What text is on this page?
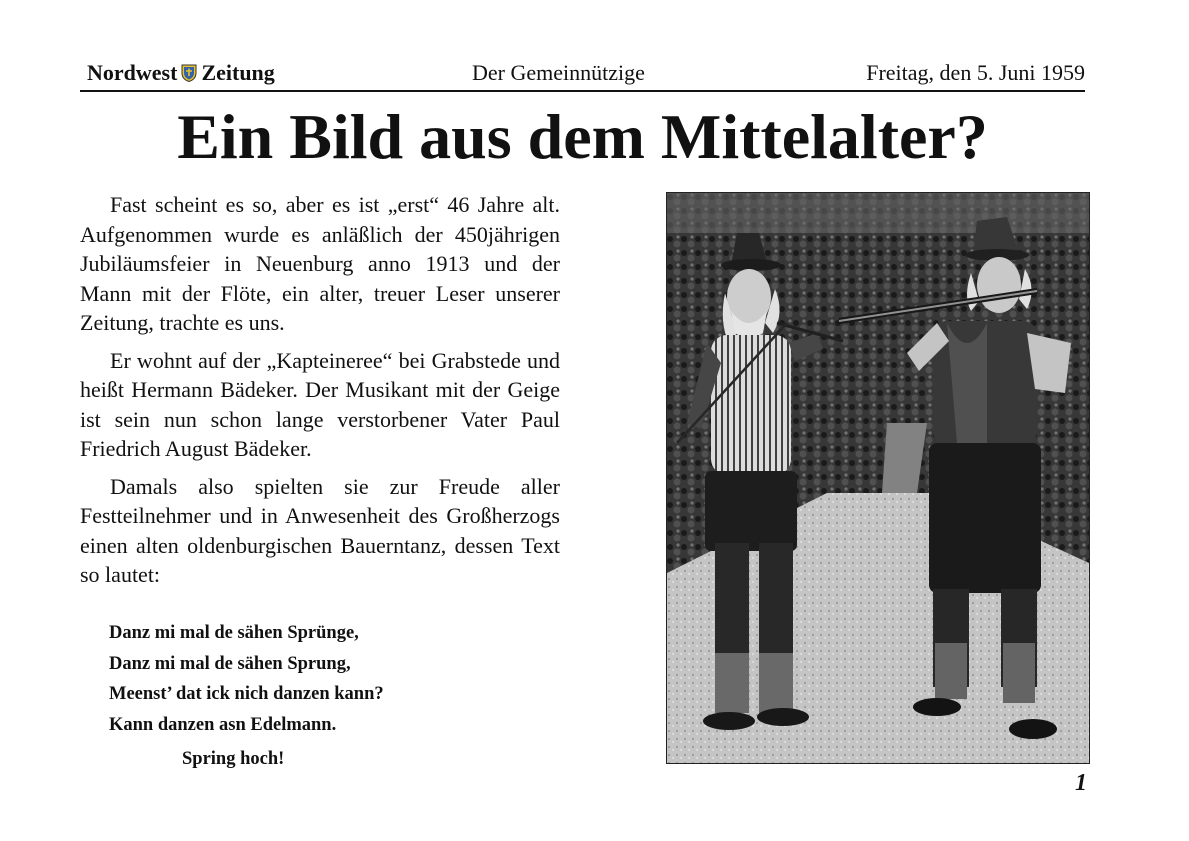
Nordwest Zeitung	Der Gemeinnützige	Freitag, den 5. Juni 1959
Ein Bild aus dem Mittelalter?

Fast scheint es so, aber es ist „erst“ 46 Jahre alt. Aufgenommen wurde es anläßlich der 450jährigen Jubiläumsfeier in Neuenburg anno 1913 und der Mann mit der Flöte, ein alter, treuer Leser unserer Zeitung, trachte es uns.

Er wohnt auf der „Kapteineree“ bei Grabstede und heißt Hermann Bädeker. Der Musikant mit der Geige ist sein nun schon lange verstorbener Vater Paul Friedrich August Bädeker.

Damals also spielten sie zur Freude aller Festteilnehmer und in Anwesenheit des Großherzogs einen alten oldenburgischen Bauerntanz, dessen Text so lautet:

Danz mi mal de sähen Sprünge,
Danz mi mal de sähen Sprung,
Meenst’ dat ick nich danzen kann?
Kann danzen asn Edelmann.
Spring hoch!
1
